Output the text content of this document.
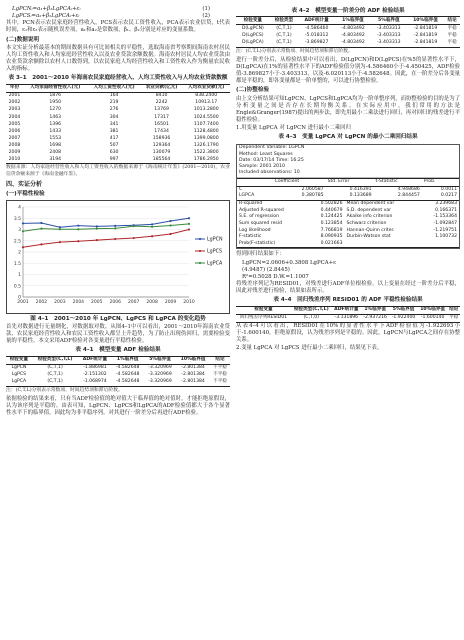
LgPCNᵢ=a₁+β₁LgPCAᵢ+εᵢ	(1)
LgPCSᵢ=a₂+β₂LgPCAᵢ+εᵢ	(2)

其中，PCN表示农民家庭经营性收入，PCS表示农民工资性收入，PCA表示农业信贷，t代表时间，ε₁和ε₂表示随机误差项，a₁和a₂是常数项，β₁、β₂分别是对应的变量系数。

(二)数据说明

本文实证分析最基本的期间数据具有可比间相关的平稳性，选取海南省考察期间海南农村居民人均工资性收入和人均家庭经营性收入以及农业贷款余额数据。海南农村居民人均农业贷款由农业贷款余额除以农村人口数得到，以农民家庭人均经营性收入和工资性收入作为衡量农民收入的指标。

表 3–1　2001～2010 年海南农民家庭经营收入、人均工资性收入与人均农业贷款数额
年份	人均家庭经营性收入(元)	人均工资性收入(元)	农业贷款(亿元)	人均农业贷款(元)
2001	1876	164	8410	838.2400
2002	1950	219	2242	10913.17
2003	1270	276	13769	1013.2800
2004	1463	304	17317	1024.5500
2005	1396	341	16501	1107.7400
2006	1433	381	17434	1128.4800
2007	1553	417	158936	1399.0800
2008	1698	507	129364	1326.1790
2009	2408	630	130079	1522.3800
2010	3194	997	185564	1786.2950
数据来源：人均家庭经营性收入和人均工资性收入的数据来源于《海南统计年鉴》(2001—2010)，农业信贷余额来源于《海南金融年鉴》。
四、实证分析
(一)平稳性检验
0
0.5
1
1.5
2
2.5
3
3.5
4
2001 2002 2003 2004 2005 2006 2007 2008 2009 2010
LgPCN
LgPCS
LgPCA
图 4–1　2001～2010 年 LgPCN、LgPCS 和 LgPCA 的变化趋势

首先对数据进行无量纲化，对数据取对数。从图4–1中可以看出，2001～2010年海南农业贷款、农民家庭经营性收入和农民工资性收入都呈上升趋势，为了防止出现伪回归，需要检验变量的平稳性。本文采用ADF检验对各变量进行平稳性检验。

表 4–1　模型变量 ADF 检验结果
检验变量	检验类型(C,T,L)	ADF统计量	1%临界值	5%临界值	10%临界值	结论
LgPCN	(C,T,1)	-1.886981	-4.582648	-3.320969	-2.801384	不平稳
LgPCS	(C,T,1)	-2.151302	-4.582648	-3.320969	-2.801384	不平稳
LgPCA	(C,T,1)	-1.068974	-4.582648	-3.320969	-2.801384	不平稳
注：(C,T,L)分别表示常数项、时间趋势项和滞后阶数。

依据检验的结果来看，只有当ADF检验值的绝对值大于临界值的绝对值时，才能拒绝原假设，认为该序列是平稳的。由表可知，LgPCN、LgPCS和LgPCA的ADF检验值都大于各个显著性水平下的临界值，因此均为非平稳序列。对其进行一阶差分后再进行ADF检验。

表 4–2　模型变量一阶差分的 ADF 检验结果
检验变量	检验类型	ADF统计量	1%临界值	5%临界值	10%临界值	结论
D(LgPCN)	(C,T,1)	-4.586460	-4.803492	-3.403313	-2.841819	平稳
D(LgPCS)	(C,T,1)	-5.018312	-4.803492	-3.403313	-2.841819	平稳
D(LgPCA)	(C,T,1)	-3.869827	-4.803492	-3.403313	-2.841819	平稳
注：(C,T,L)分别表示常数项、时间趋势项和滞后阶数。

进行一阶差分后，从检验结果中可以看出，D(LgPCN)和D(LgPCS)在%5的显著性水平下，D(LgPCA)在1%的显著性水平下的ADF检验值分别为-4.586460小于-4.450425，ADF检验值-3.869827小于-3.403313，以及-6.020113小于-4.582648。因此，在一阶差分后各变量都是平稳的，即各变量都是一阶单整的，可以进行协整检验。

(二)协整检验

由上文分析结果可知LgPCN、LgPCS和LgPCA均为一阶单整序列，而协整检验的目的是为了分析变量之间是否存在长期均衡关系。在实际应用中，我们常用的方法是Engle&Granger(1987)提出的两步法，即先用最小二乘法进行回归，再对回归的残差进行平稳性检验。

1.用变量 LgPCA 对 LgPCN 进行最小二乘回归

表 4–3　变量 LgPCA 对 LgPCN 的最小二乘回归结果
Dependent Variable: LGPCN
Method: Least Squares
Date: 03/17/14 Time: 16:25
Sample: 2001 2010
Included observations: 10
	Coefficient	Std. Error	t-Statistic	Prob.
C	2.060587	0.416391	4.948686	0.0011
LGPCA	0.380785	0.133689	2.844457	0.0217
R-squared	0.502826	Mean dependent var	3.239683
Adjusted R-squared	0.440679	S.D. dependent var	0.166371
S.E. of regression	0.124425	Akaike info criterion	-1.153364
Sum squared resid	0.123854	Schwarz criterion	-1.092847
Log likelihood	7.766819	Hannan-Quinn criter.	-1.219751
F-statistic	8.090935	Durbin-Watson stat	1.100732
Prob(F-statistic)	0.021663		

得到回归结果如下：

LgPCN=2.0606+0.3808 LgPCA+ε
(4.9487) (2.8445)
R²=0.5028 D.W.=1.1007

将残差序列记为RESID01，对残差进行ADF单位根检验。以上变量在经过一阶差分后平稳，因此对残差进行检验，结果如表所示。

表 4–4　回归残差序列 RESID01 的 ADF 平稳性检验结果
检验变量	检验类型(C,T,L)	ADF统计量	1%临界值	5%临界值	10%临界值	结论
回归残差序列RESID01	(C,T,0)	-3.131896	-2.937216	-1.922400	-1.600140	平稳

从表4–4可以看出，RESID01在10%的显著性水平下ADF检验值为-1.922693小于-1.600140，拒绝原假设，认为残差序列是平稳的。因此，LgPCN与LgPCA之间存在协整关系。

2.变量 LgPCA 对 LgPCS 进行最小二乘回归，结果见下表。
